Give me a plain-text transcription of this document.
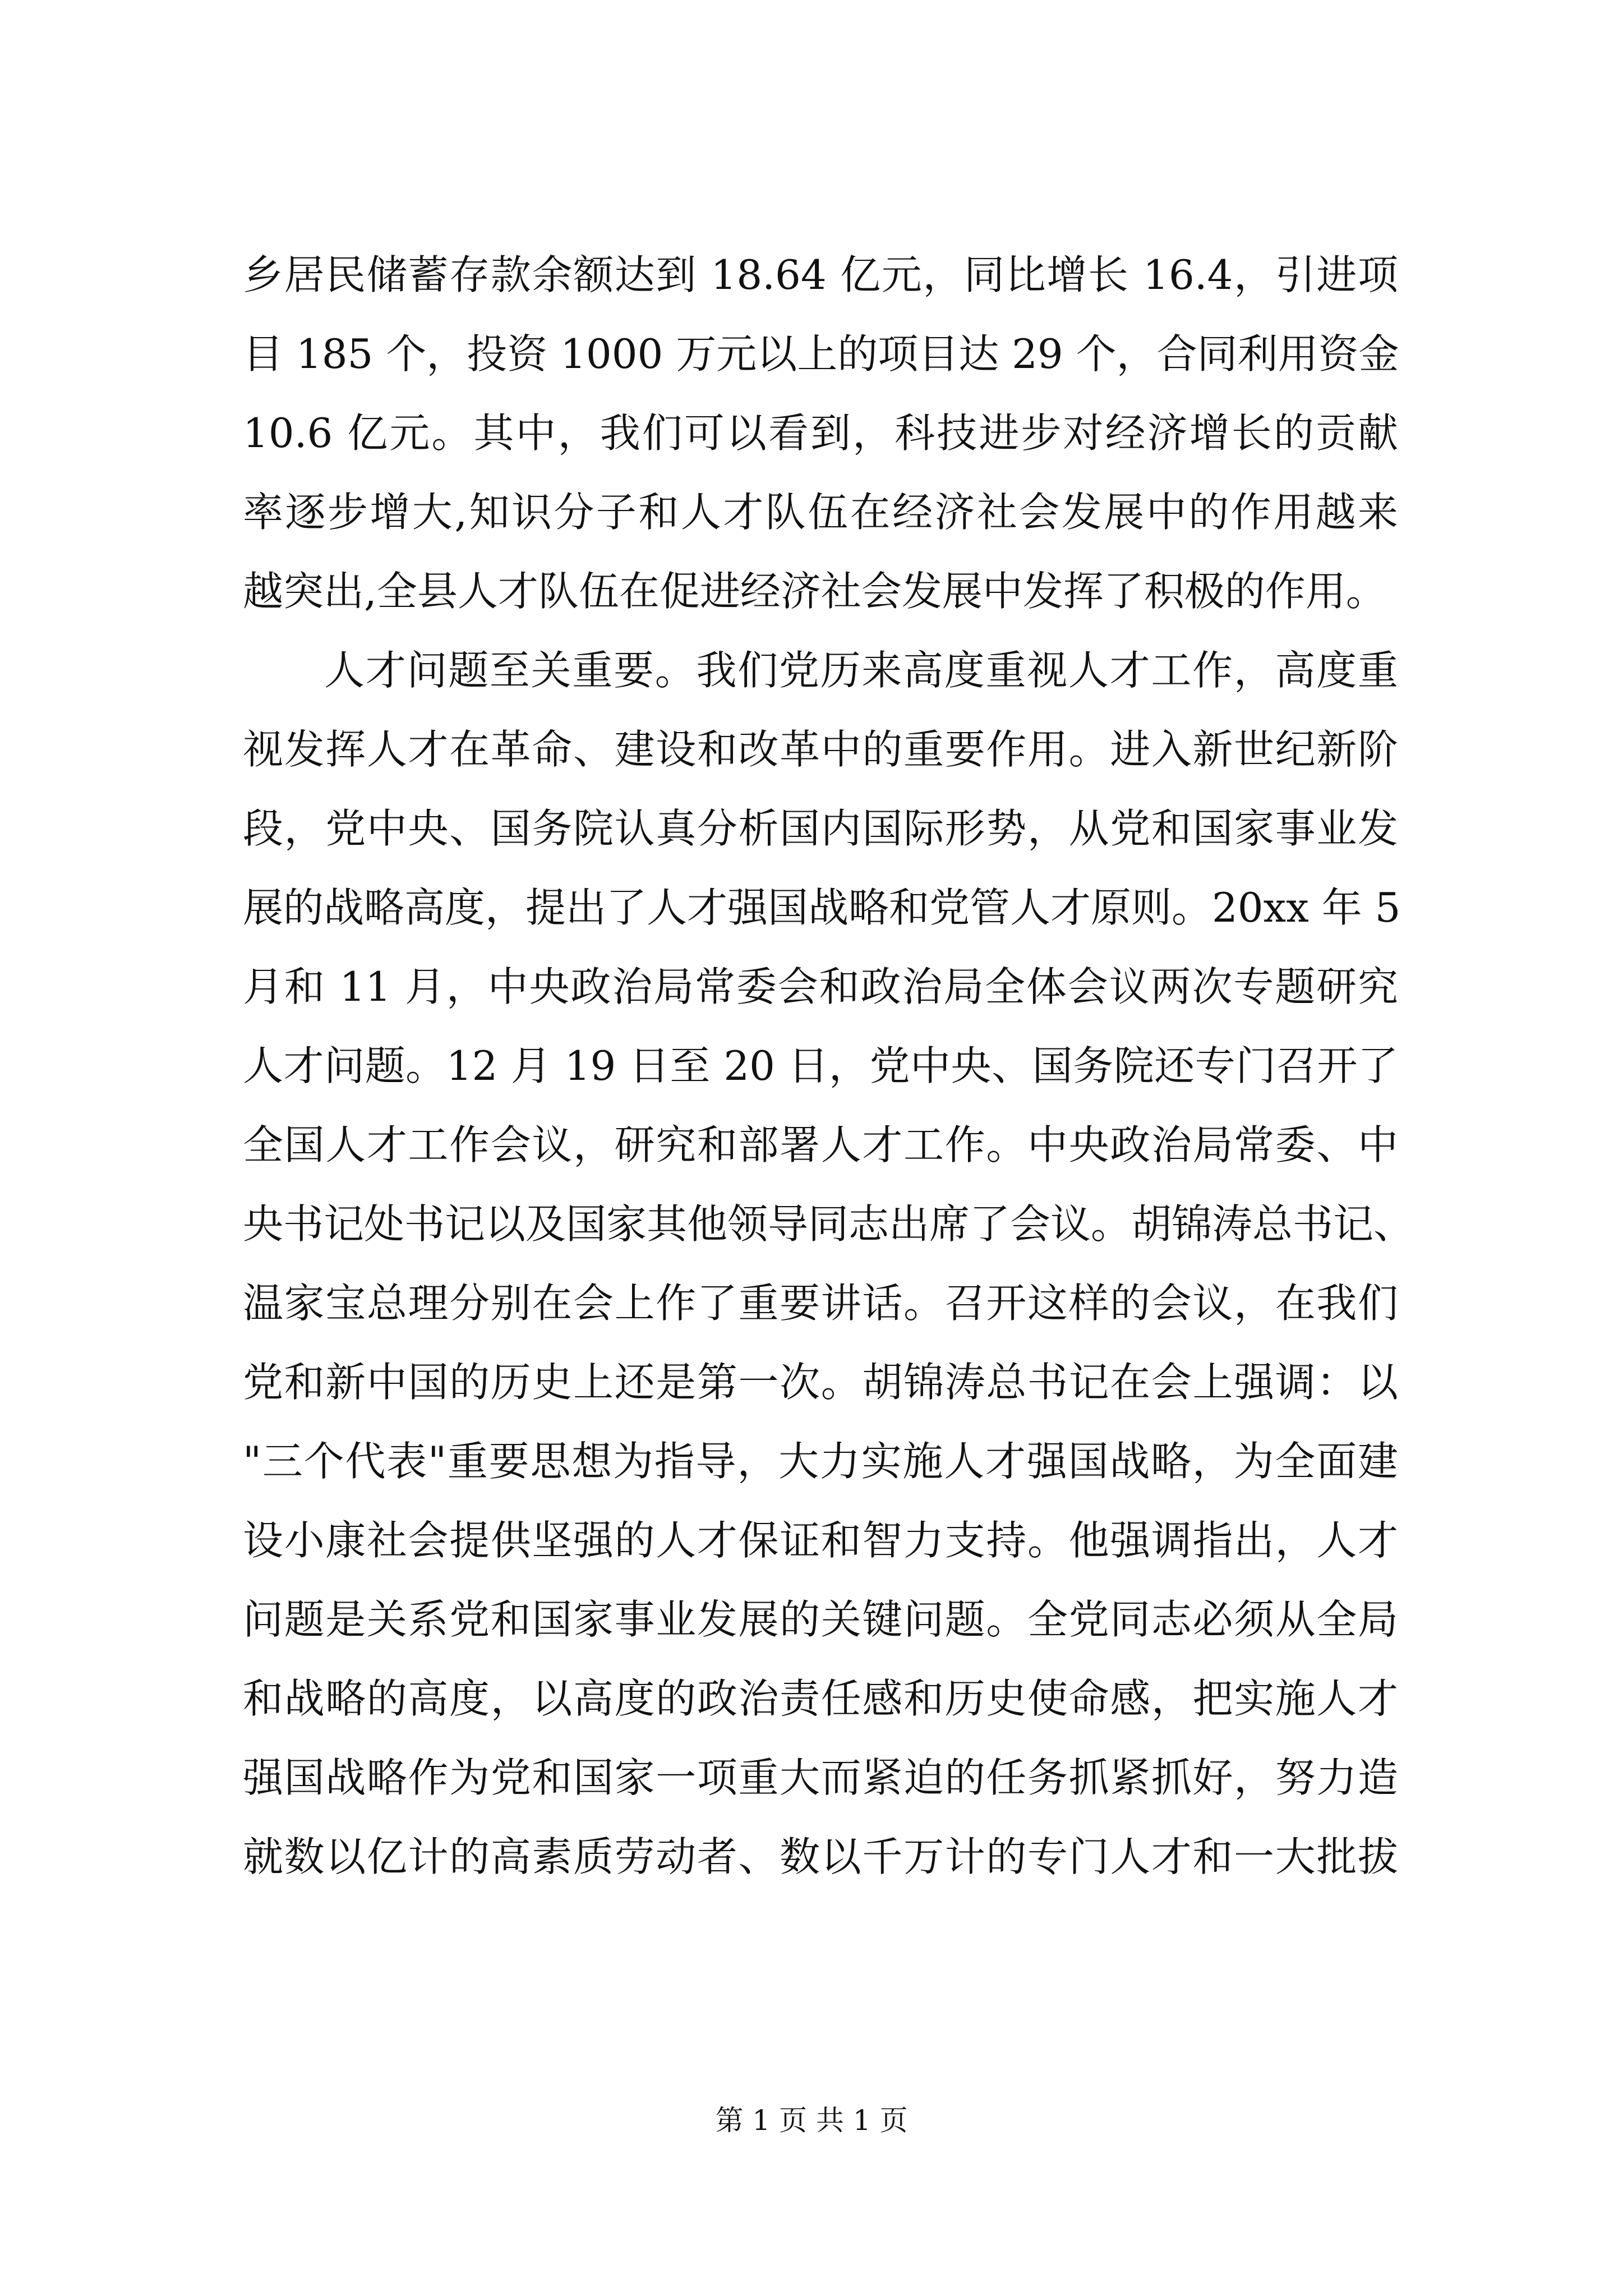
乡居民储蓄存款余额达到 18.64 亿元，同比增长 16.4，引进项
目 185 个，投资 1000 万元以上的项目达 29 个，合同利用资金
10.6 亿元。其中，我们可以看到，科技进步对经济增长的贡献
率逐步增大,知识分子和人才队伍在经济社会发展中的作用越来
越突出,全县人才队伍在促进经济社会发展中发挥了积极的作用。
人才问题至关重要。我们党历来高度重视人才工作，高度重
视发挥人才在革命、建设和改革中的重要作用。进入新世纪新阶
段，党中央、国务院认真分析国内国际形势，从党和国家事业发
展的战略高度，提出了人才强国战略和党管人才原则。20xx 年 5
月和 11 月，中央政治局常委会和政治局全体会议两次专题研究
人才问题。12 月 19 日至 20 日，党中央、国务院还专门召开了
全国人才工作会议，研究和部署人才工作。中央政治局常委、中
央书记处书记以及国家其他领导同志出席了会议。胡锦涛总书记、
温家宝总理分别在会上作了重要讲话。召开这样的会议，在我们
党和新中国的历史上还是第一次。胡锦涛总书记在会上强调：以
"三个代表"重要思想为指导，大力实施人才强国战略，为全面建
设小康社会提供坚强的人才保证和智力支持。他强调指出，人才
问题是关系党和国家事业发展的关键问题。全党同志必须从全局
和战略的高度，以高度的政治责任感和历史使命感，把实施人才
强国战略作为党和国家一项重大而紧迫的任务抓紧抓好，努力造
就数以亿计的高素质劳动者、数以千万计的专门人才和一大批拔
第 1 页 共 1 页
